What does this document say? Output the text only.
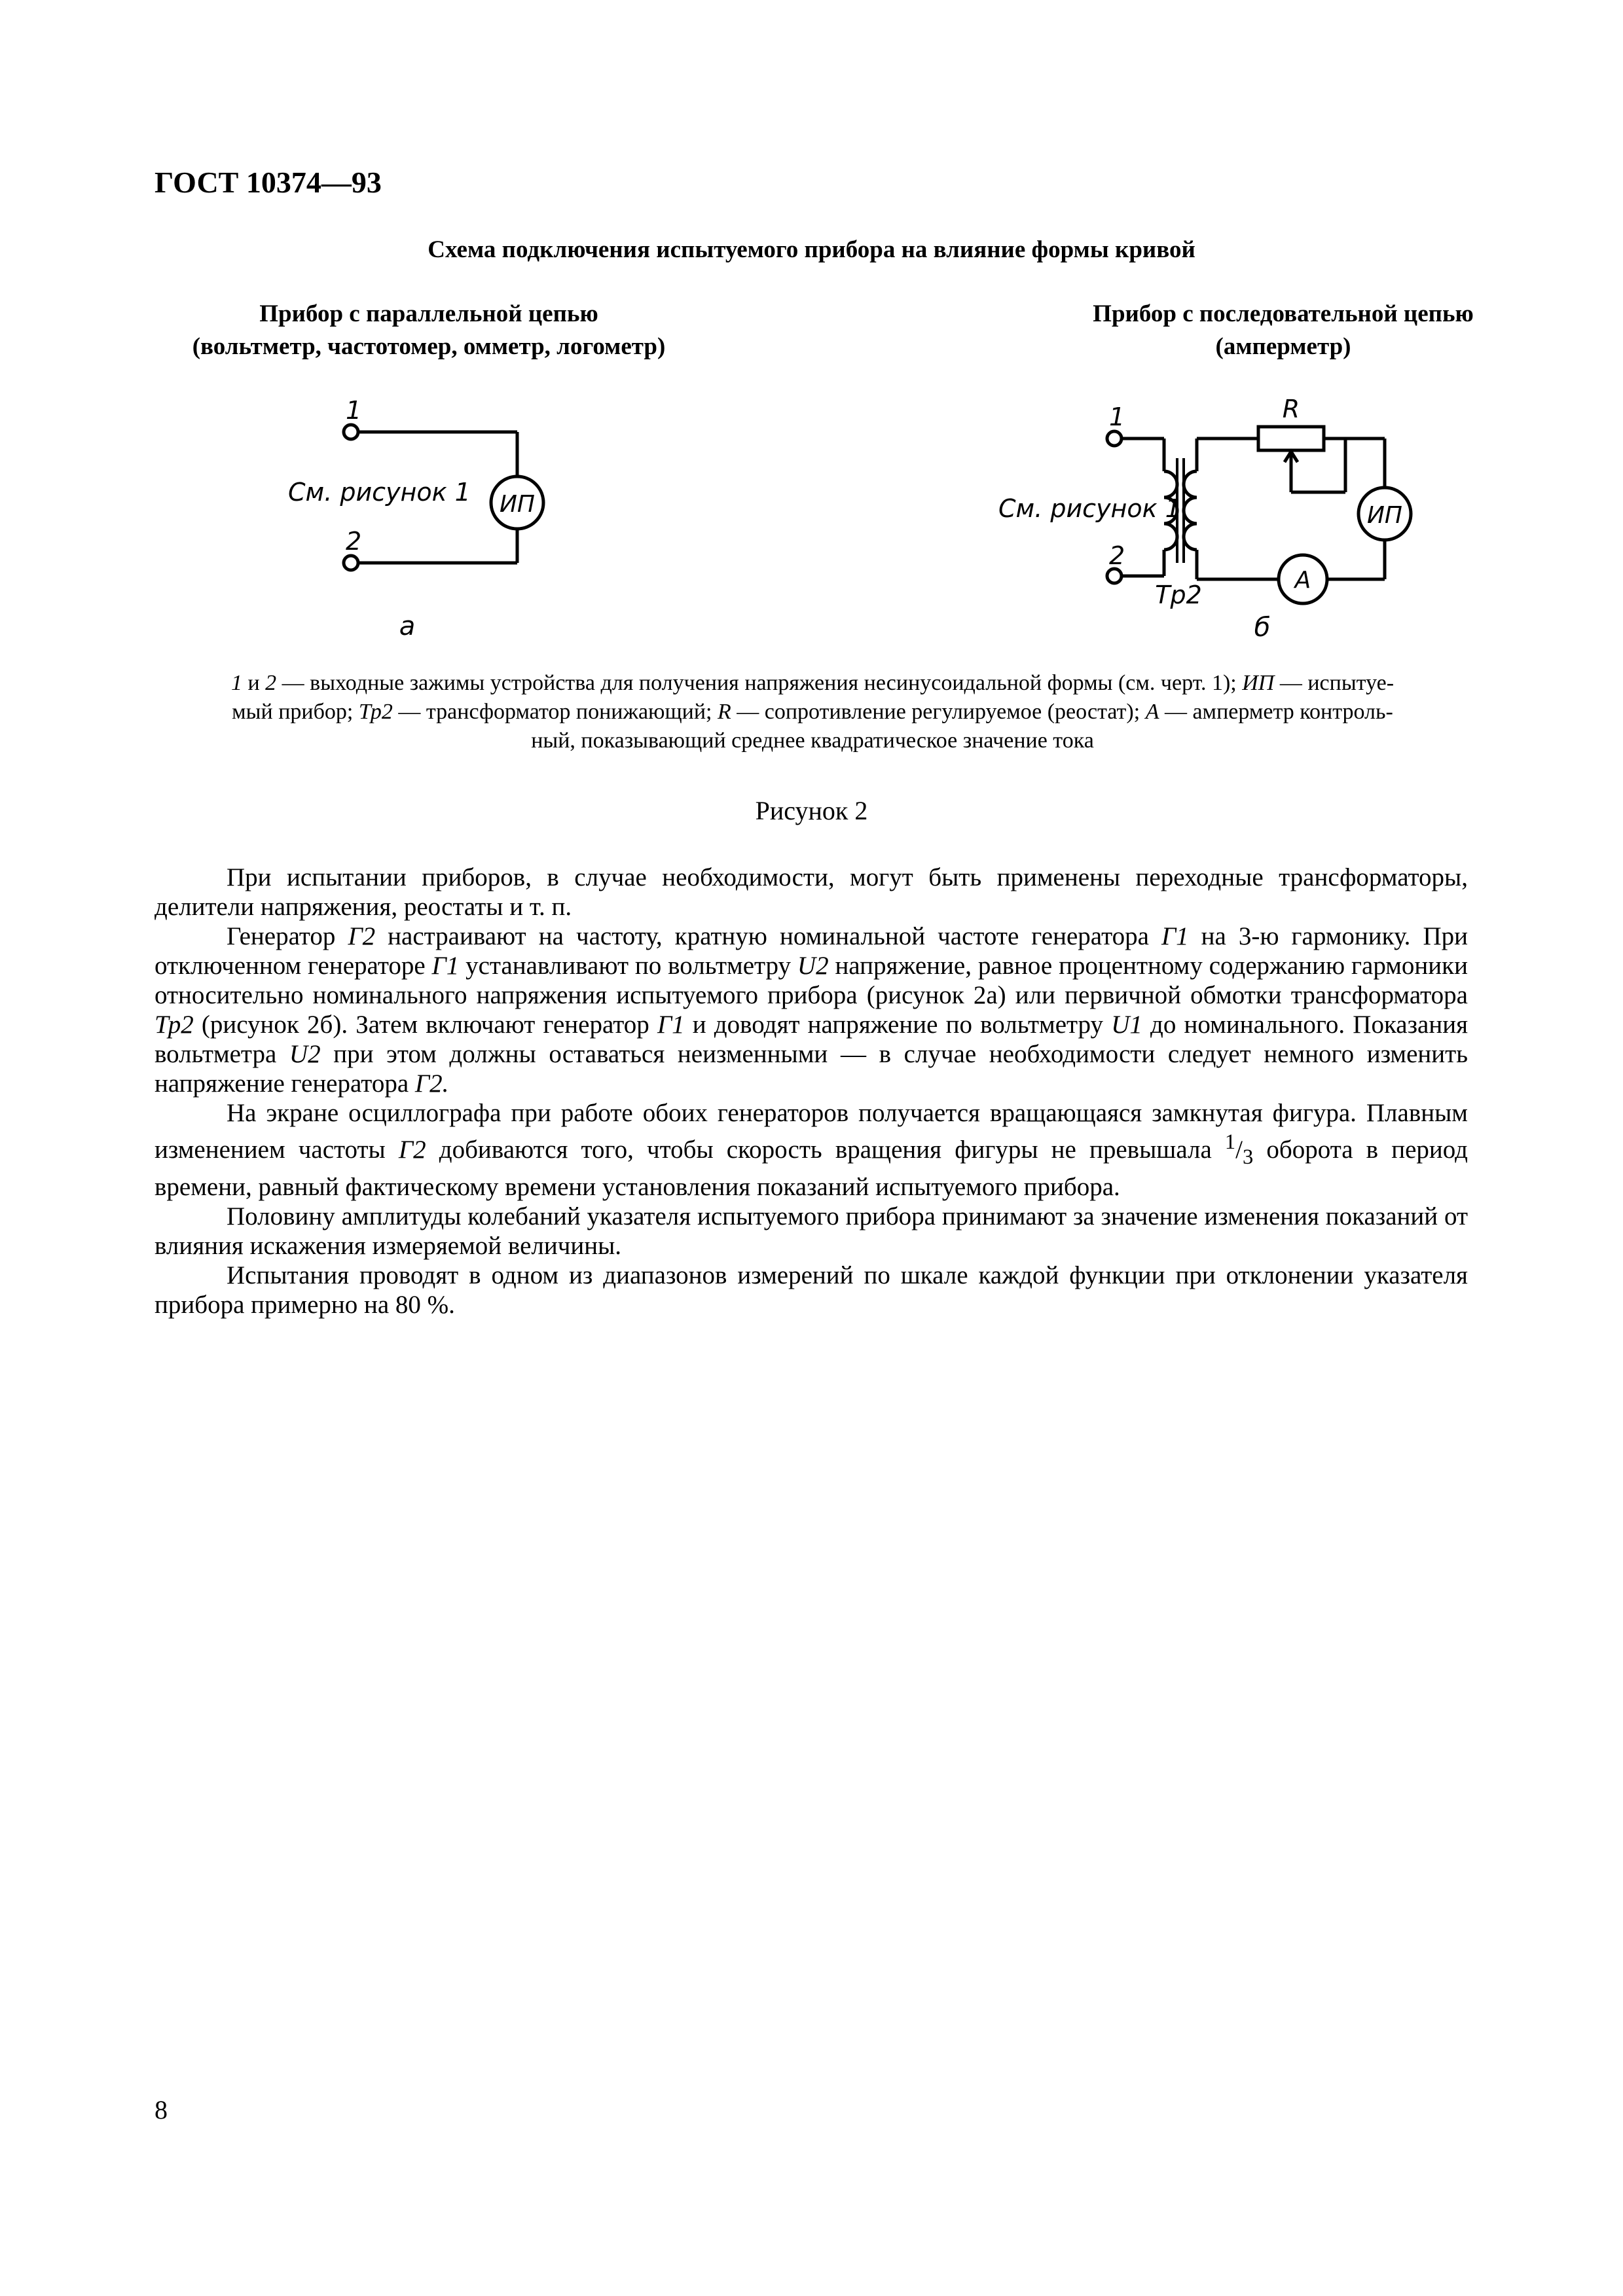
ГОСТ 10374—93
Схема подключения испытуемого прибора на влияние формы кривой
Прибор с параллельной цепью
(вольтметр, частотомер, омметр, логометр)
Прибор с последовательной цепью
(амперметр)
1
2
См. рисунок 1 ИП
а
1
2
См. рисунок 1
R
ИП
А
Тр2
б
1 и 2 — выходные зажимы устройства для получения напряжения несинусоидальной формы (см. черт. 1); ИП — испытуе-
мый прибор; Тр2 — трансформатор понижающий; R — сопротивление регулируемое (реостат); А — амперметр контроль-
ный, показывающий среднее квадратическое значение тока
Рисунок 2

При испытании приборов, в случае необходимости, могут быть применены переходные трансформаторы, делители напряжения, реостаты и т. п.

Генератор Г2 настраивают на частоту, кратную номинальной частоте генератора Г1 на 3-ю гармонику. При отключенном генераторе Г1 устанавливают по вольтметру U2 напряжение, равное процентному содержанию гармоники относительно номинального напряжения испытуемого прибора (рисунок 2а) или первичной обмотки трансформатора Тр2 (рисунок 2б). Затем включают генератор Г1 и доводят напряжение по вольтметру U1 до номинального. Показания вольтметра U2 при этом должны оставаться неизменными — в случае необходимости следует немного изменить напряжение генератора Г2.

На экране осциллографа при работе обоих генераторов получается вращающаяся замкнутая фигура. Плавным изменением частоты Г2 добиваются того, чтобы скорость вращения фигуры не превышала $^1/_3$ оборота в период времени, равный фактическому времени установления показаний испытуемого прибора.

Половину амплитуды колебаний указателя испытуемого прибора принимают за значение изменения показаний от влияния искажения измеряемой величины.

Испытания проводят в одном из диапазонов измерений по шкале каждой функции при отклонении указателя прибора примерно на 80 %.

8
